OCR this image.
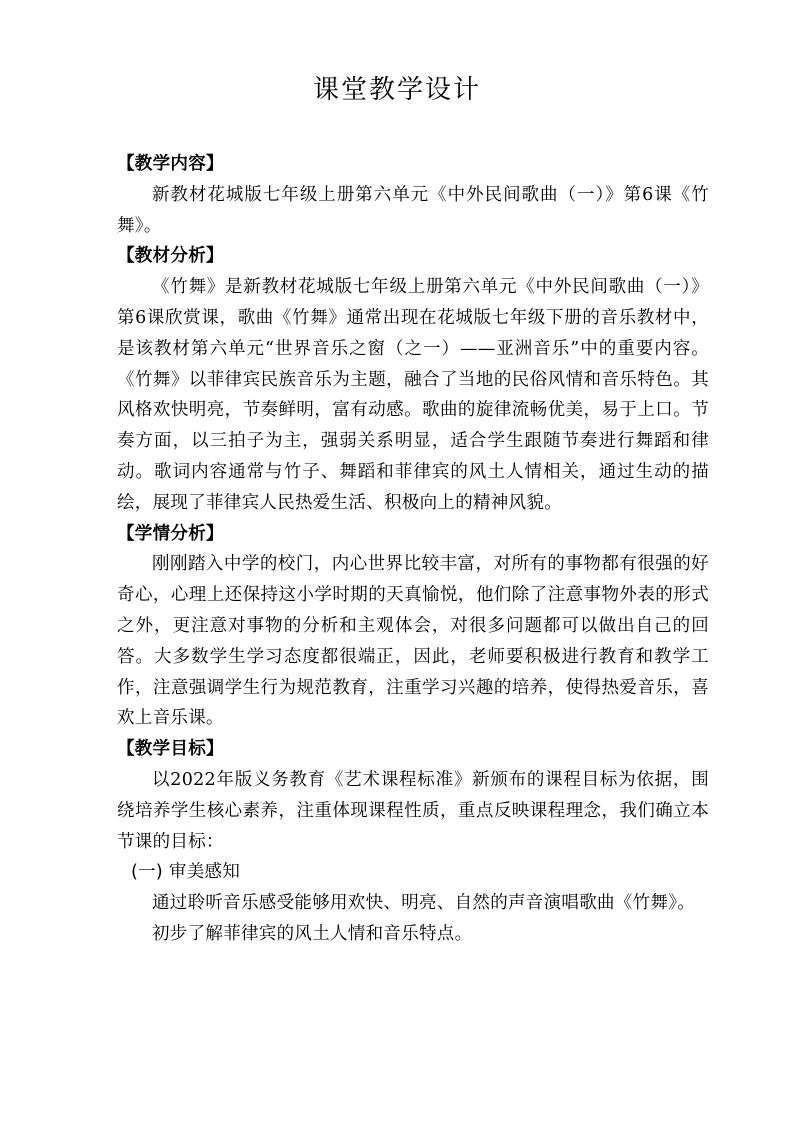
课堂教学设计

【教学内容】

新教材花城版七年级上册第六单元《中外民间歌曲（一）》第6课《竹舞》。

【教材分析】

《竹舞》是新教材花城版七年级上册第六单元《中外民间歌曲（一）》第6课欣赏课，歌曲《竹舞》通常出现在花城版七年级下册的音乐教材中，是该教材第六单元“世界音乐之窗（之一）——亚洲音乐”中的重要内容。《竹舞》以菲律宾民族音乐为主题，融合了当地的民俗风情和音乐特色。其风格欢快明亮，节奏鲜明，富有动感。歌曲的旋律流畅优美，易于上口。节奏方面，以三拍子为主，强弱关系明显，适合学生跟随节奏进行舞蹈和律动。歌词内容通常与竹子、舞蹈和菲律宾的风土人情相关，通过生动的描绘，展现了菲律宾人民热爱生活、积极向上的精神风貌。

【学情分析】

刚刚踏入中学的校门，内心世界比较丰富，对所有的事物都有很强的好奇心，心理上还保持这小学时期的天真愉悦，他们除了注意事物外表的形式之外，更注意对事物的分析和主观体会，对很多问题都可以做出自己的回答。大多数学生学习态度都很端正，因此，老师要积极进行教育和教学工作，注意强调学生行为规范教育，注重学习兴趣的培养，使得热爱音乐，喜欢上音乐课。

【教学目标】

以2022年版义务教育《艺术课程标准》新颁布的课程目标为依据，围绕培养学生核心素养，注重体现课程性质，重点反映课程理念，我们确立本节课的目标：

(一) 审美感知

通过聆听音乐感受能够用欢快、明亮、自然的声音演唱歌曲《竹舞》。

初步了解菲律宾的风土人情和音乐特点。
